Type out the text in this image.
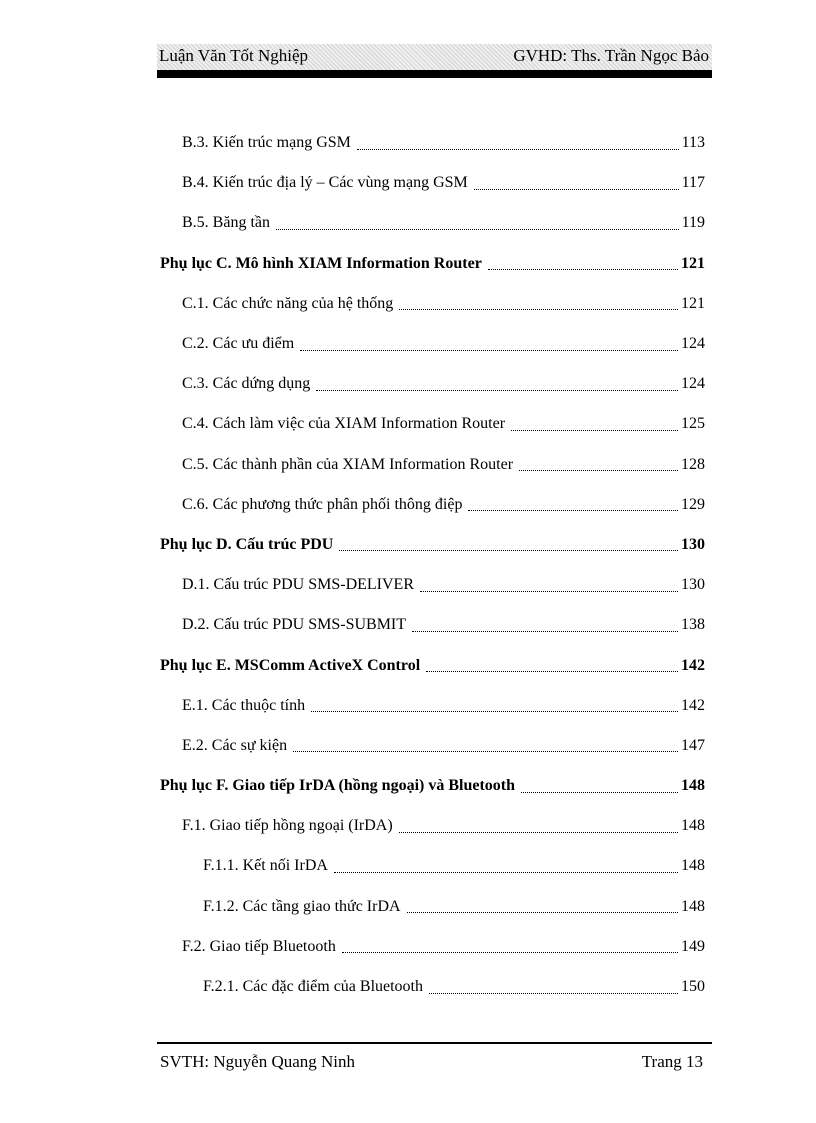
Luận Văn Tốt Nghiệp	GVHD: Ths. Trần Ngọc Bảo
B.3. Kiến trúc mạng GSM	113
B.4. Kiến trúc địa lý – Các vùng mạng GSM	117
B.5. Băng tần	119
Phụ lục C. Mô hình XIAM Information Router	121
C.1. Các chức năng của hệ thống	121
C.2. Các ưu điểm	124
C.3. Các dứng dụng	124
C.4. Cách làm việc của XIAM Information Router	125
C.5. Các thành phần của XIAM Information Router	128
C.6. Các phương thức phân phối thông điệp	129
Phụ lục D. Cấu trúc PDU	130
D.1. Cấu trúc PDU SMS-DELIVER	130
D.2. Cấu trúc PDU SMS-SUBMIT	138
Phụ lục E. MSComm ActiveX Control	142
E.1. Các thuộc tính	142
E.2. Các sự kiện	147
Phụ lục F. Giao tiếp IrDA (hồng ngoại) và Bluetooth	148
F.1. Giao tiếp hồng ngoại (IrDA)	148
F.1.1. Kết nối IrDA	148
F.1.2. Các tầng giao thức IrDA	148
F.2. Giao tiếp Bluetooth	149
F.2.1. Các đặc điểm của Bluetooth	150
SVTH: Nguyễn Quang Ninh	Trang 13
